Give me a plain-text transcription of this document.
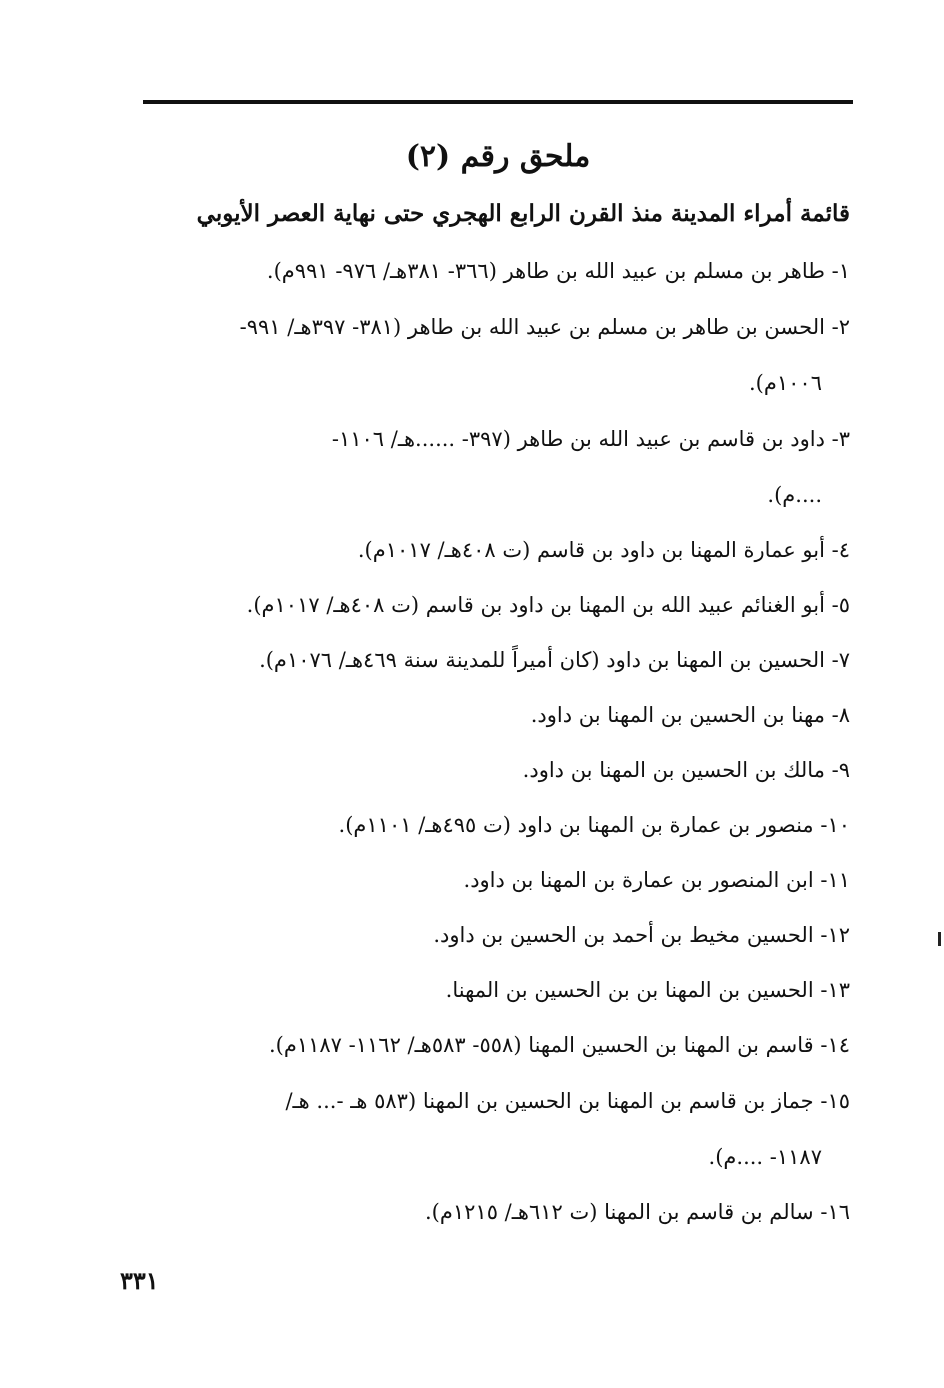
ملحق رقم (٢)
قائمة أمراء المدينة منذ القرن الرابع الهجري حتى نهاية العصر الأيوبي
١- طاهر بن مسلم بن عبيد الله بن طاهر (٣٦٦- ٣٨١هـ/ ٩٧٦- ٩٩١م).
٢- الحسن بن طاهر بن مسلم بن عبيد الله بن طاهر (٣٨١- ٣٩٧هـ/ ٩٩١-
١٠٠٦م).
٣- داود بن قاسم بن عبيد الله بن طاهر (٣٩٧- ......هـ/ ١١٠٦-
....م).
٤- أبو عمارة المهنا بن داود بن قاسم (ت ٤٠٨هـ/ ١٠١٧م).
٥- أبو الغنائم عبيد الله بن المهنا بن داود بن قاسم (ت ٤٠٨هـ/ ١٠١٧م).
٧- الحسين بن المهنا بن داود (كان أميراً للمدينة سنة ٤٦٩هـ/ ١٠٧٦م).
٨- مهنا بن الحسين بن المهنا بن داود.
٩- مالك بن الحسين بن المهنا بن داود.
١٠- منصور بن عمارة بن المهنا بن داود (ت ٤٩٥هـ/ ١١٠١م).
١١- ابن المنصور بن عمارة بن المهنا بن داود.
١٢- الحسين مخيط بن أحمد بن الحسين بن داود.
١٣- الحسين بن المهنا بن بن الحسين بن المهنا.
١٤- قاسم بن المهنا بن الحسين المهنا (٥٥٨- ٥٨٣هـ/ ١١٦٢- ١١٨٧م).
١٥- جماز بن قاسم بن المهنا بن الحسين بن المهنا (٥٨٣ هـ -... هـ/
١١٨٧- ....م).
١٦- سالم بن قاسم بن المهنا (ت ٦١٢هـ/ ١٢١٥م).
٣٣١
